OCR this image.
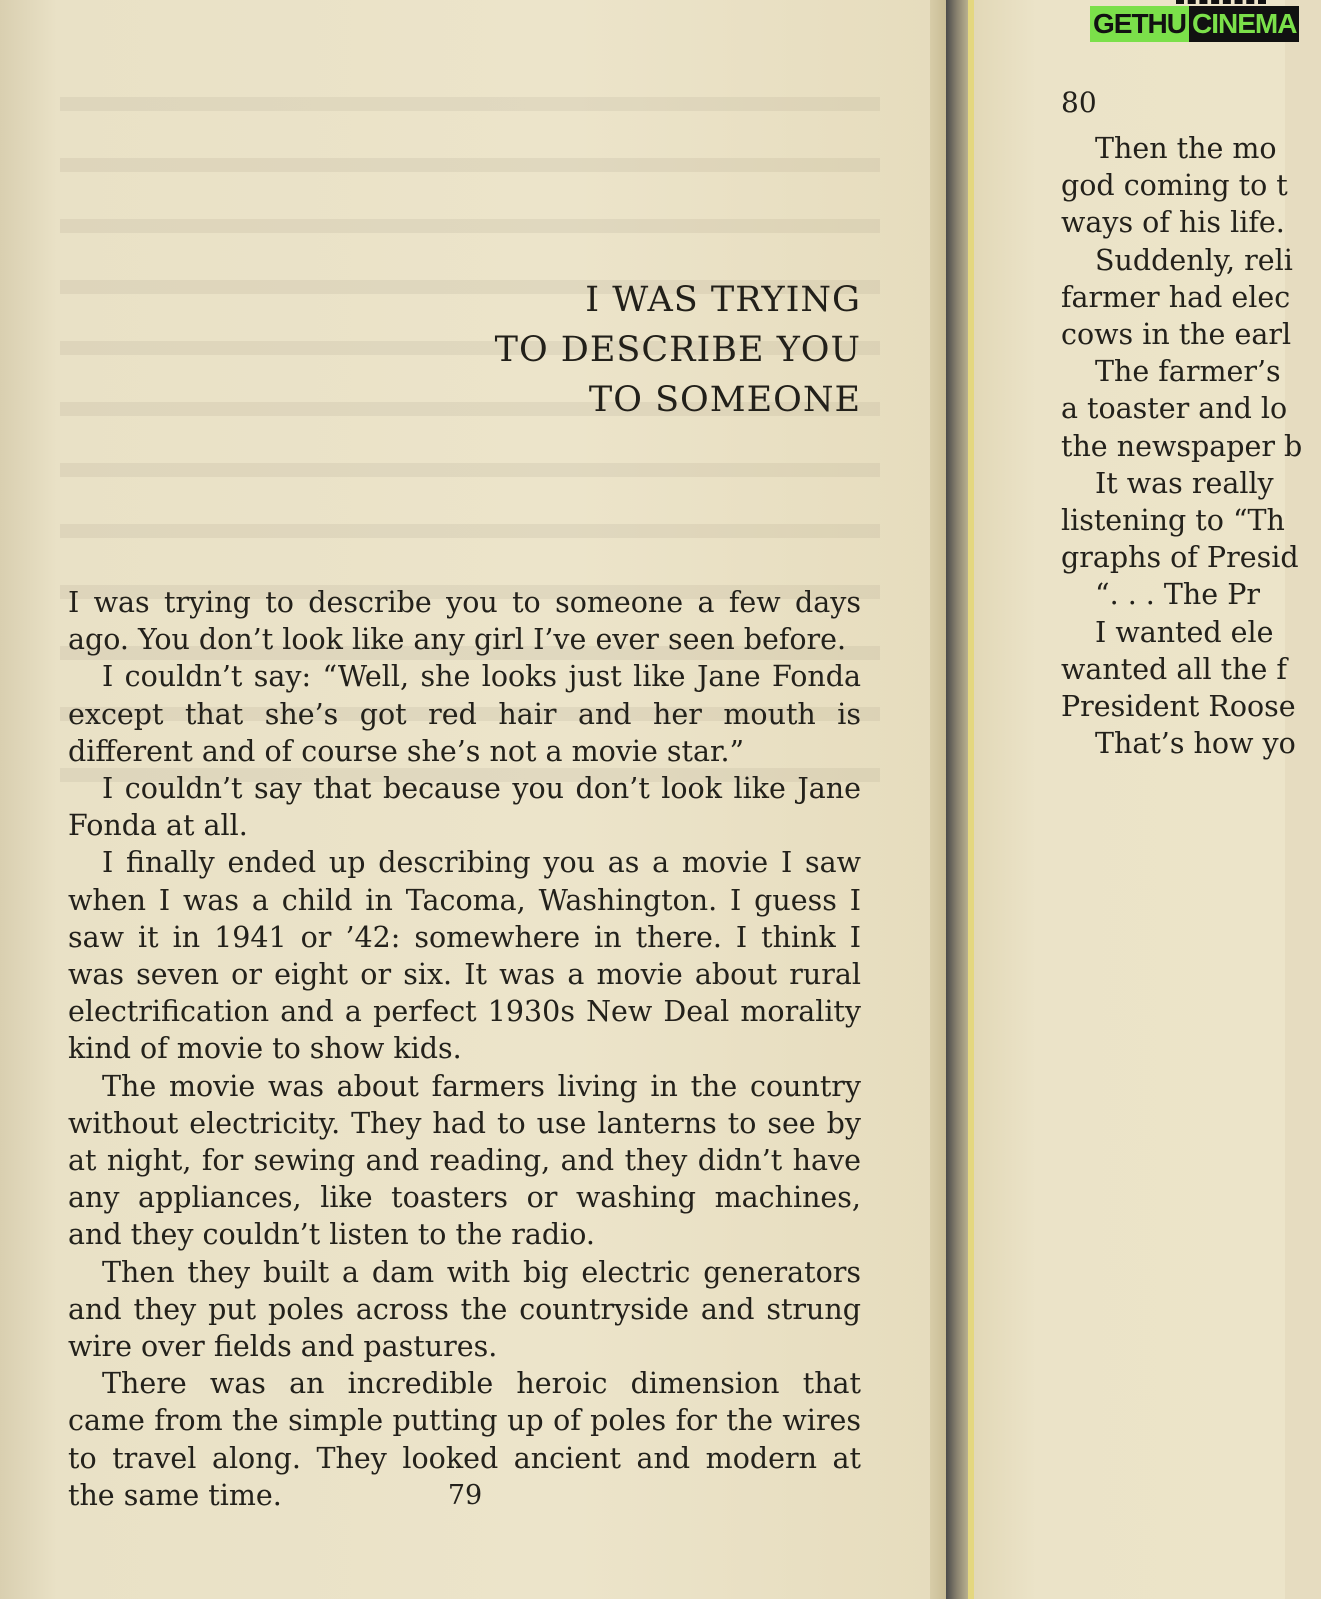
I WAS TRYING
TO DESCRIBE YOU
TO SOMEONE

I was trying to describe you to someone a few days ago. You don’t look like any girl I’ve ever seen before.

I couldn’t say: “Well, she looks just like Jane Fonda except that she’s got red hair and her mouth is different and of course she’s not a movie star.”

I couldn’t say that because you don’t look like Jane Fonda at all.

I finally ended up describing you as a movie I saw when I was a child in Tacoma, Washington. I guess I saw it in 1941 or ’42: somewhere in there. I think I was seven or eight or six. It was a movie about rural electrification and a perfect 1930s New Deal morality kind of movie to show kids.

The movie was about farmers living in the country without electricity. They had to use lanterns to see by at night, for sewing and reading, and they didn’t have any appliances, like toasters or washing machines, and they couldn’t listen to the radio.

Then they built a dam with big electric generators and they put poles across the countryside and strung wire over fields and pastures.

There was an incredible heroic dimension that came from the simple putting up of poles for the wires to travel along. They looked ancient and modern at the same time.	79
80
Then the mo
god coming to t
ways of his life.
Suddenly, reli
farmer had elec
cows in the earl
The farmer’s
a toaster and lo
the newspaper b
It was really
listening to “Th
graphs of Presid
“. . . The Pr
I wanted ele
wanted all the f
President Roose
That’s how yo
GETHU CINEMA
